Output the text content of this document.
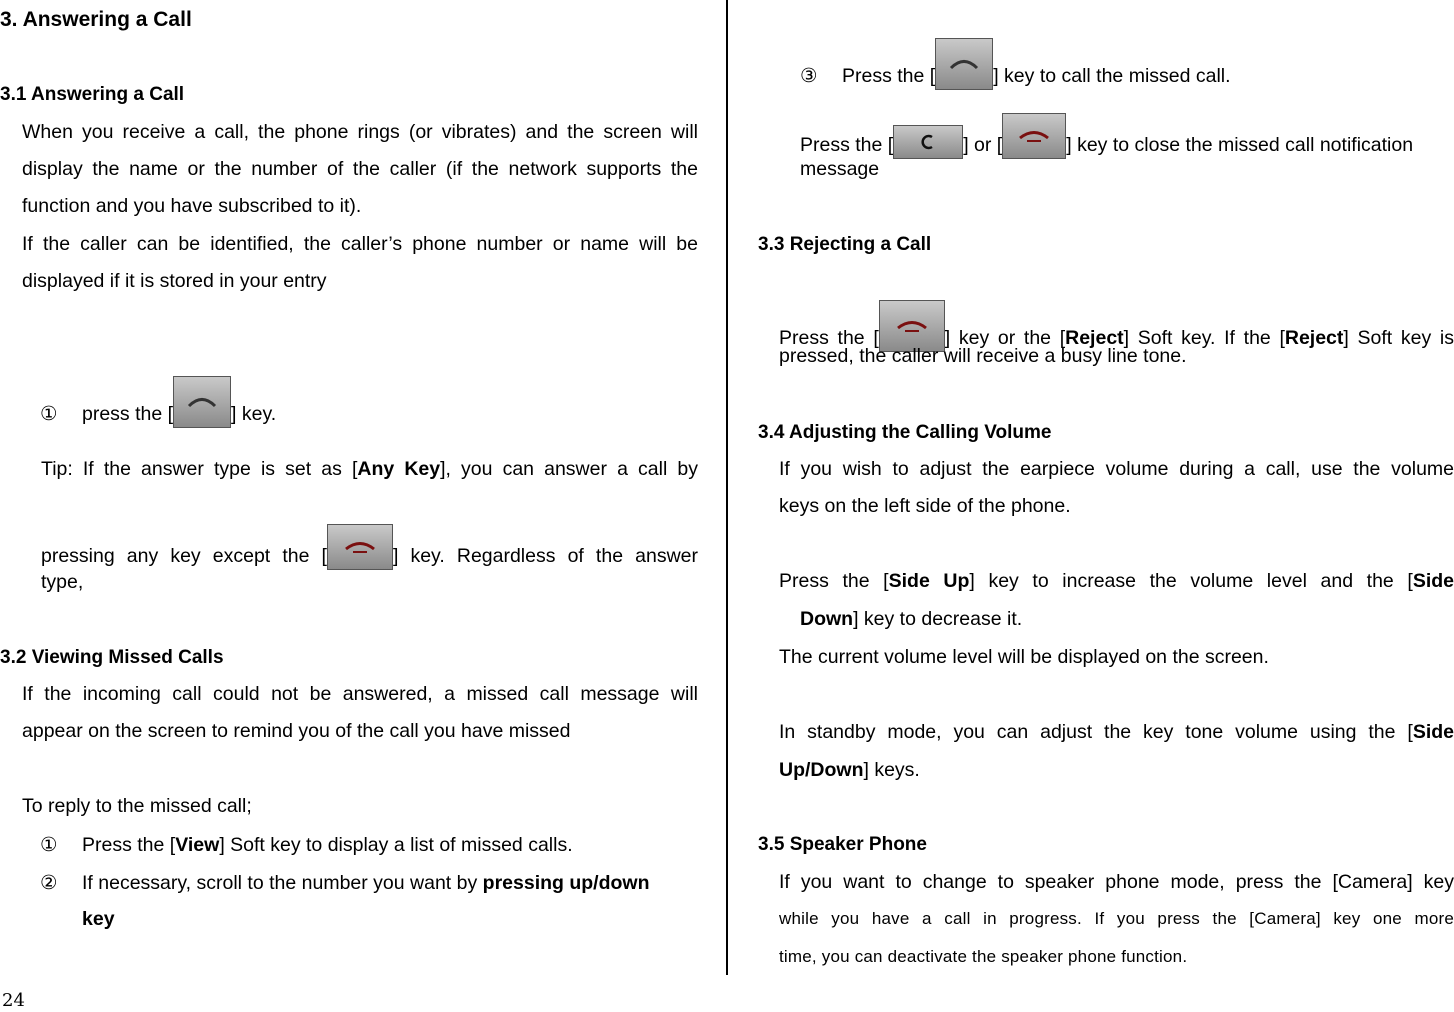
3. Answering a Call
3.1 Answering a Call
When you receive a call, the phone rings (or vibrates) and the screen will
display the name or the number of the caller (if the network supports the
function and you have subscribed to it).
If the caller can be identified, the caller’s phone number or name will be
displayed if it is stored in your entry
① press the [	] key.
Tip: If the answer type is set as [Any Key], you can answer a call by
pressing any key except the [	] key. Regardless of the answer
type,
3.2 Viewing Missed Calls
If the incoming call could not be answered, a missed call message will
appear on the screen to remind you of the call you have missed
To reply to the missed call;
① Press the [View] Soft key to display a list of missed calls.
② If necessary, scroll to the number you want by pressing up/down
key
③ Press the [	] key to call the missed call.
Press the [	] or [	] key to close the missed call notification
message
3.3 Rejecting a Call
Press the [	] key or the [Reject] Soft key. If the [Reject] Soft key is
pressed, the caller will receive a busy line tone.
3.4 Adjusting the Calling Volume
If you wish to adjust the earpiece volume during a call, use the volume
keys on the left side of the phone.
Press the [Side Up] key to increase the volume level and the [Side
Down] key to decrease it.
The current volume level will be displayed on the screen.
In standby mode, you can adjust the key tone volume using the [Side
Up/Down] keys.
3.5 Speaker Phone
If you want to change to speaker phone mode, press the [Camera] key
while you have a call in progress. If you press the [Camera] key one more
time, you can deactivate the speaker phone function.
24
